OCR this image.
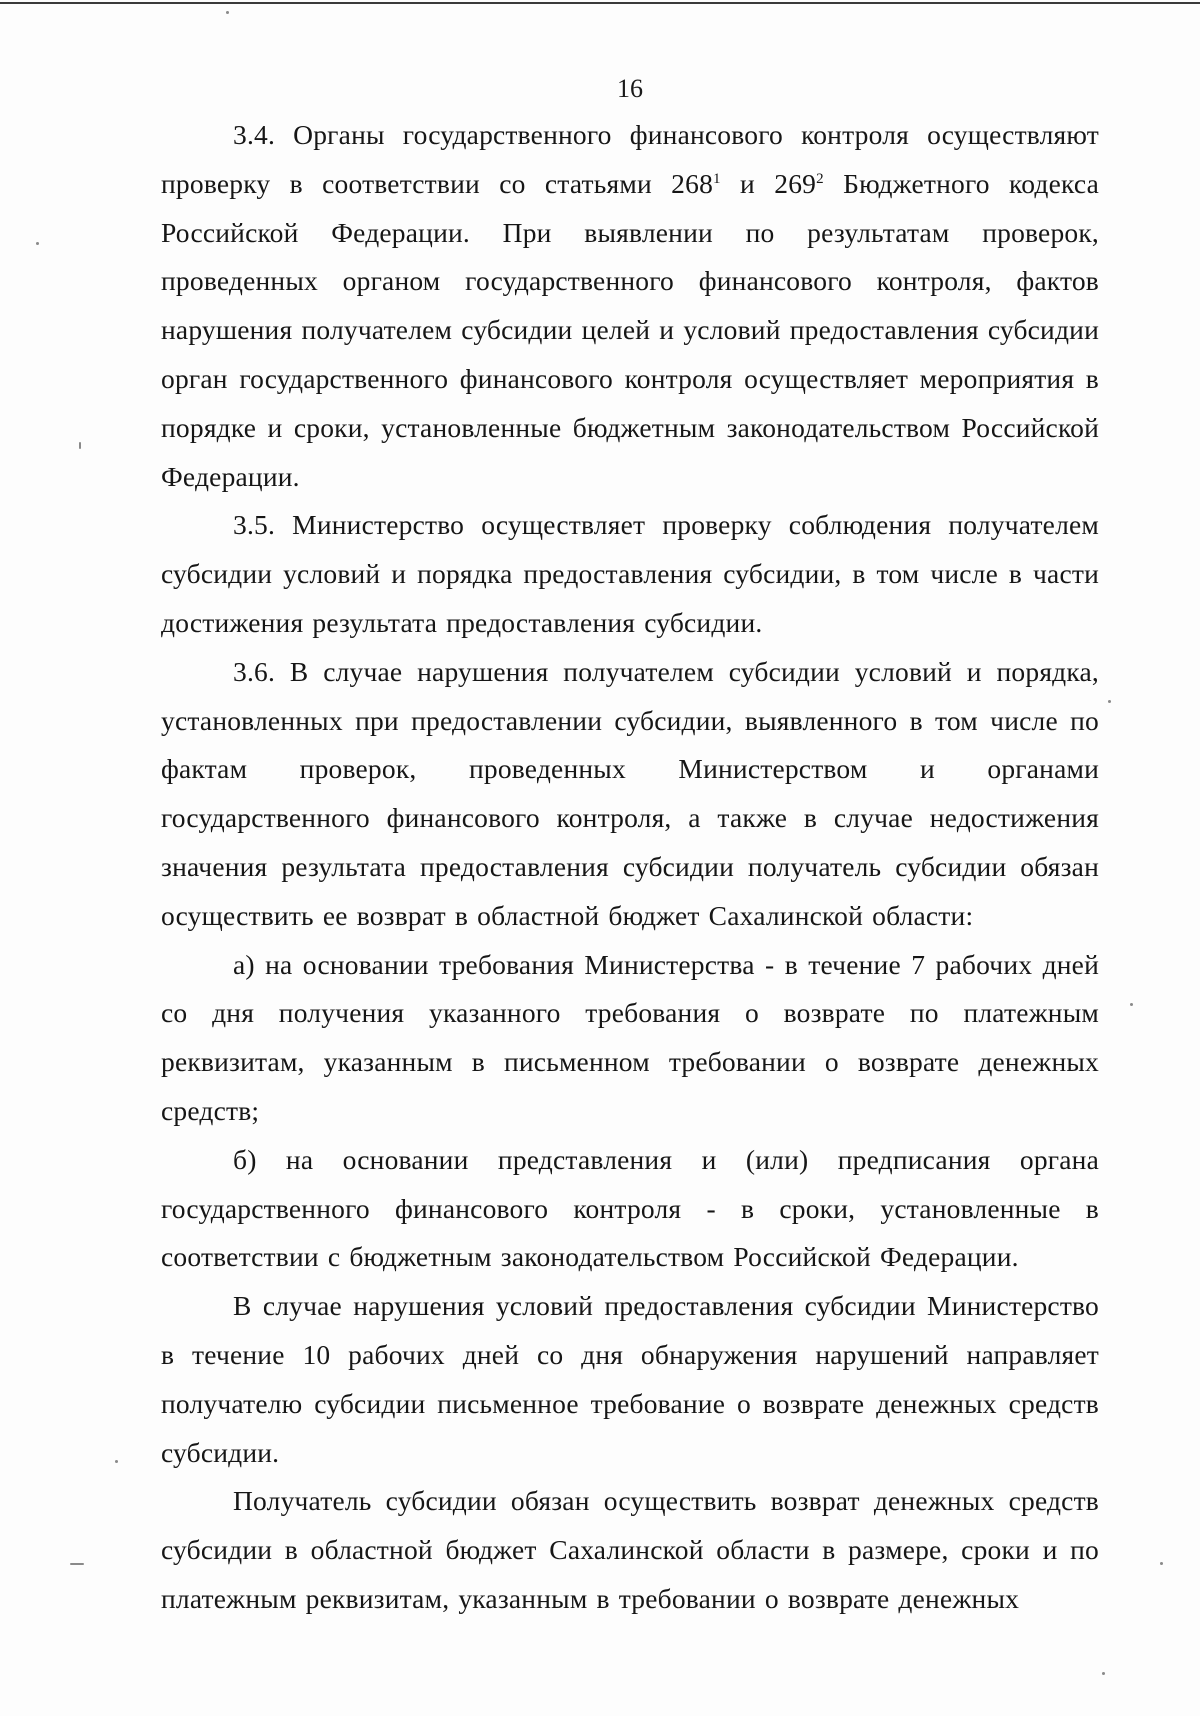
16

3.4. Органы государственного финансового контроля осуществляют проверку в соответствии со статьями $268^1$ и $269^2$ Бюджетного кодекса Российской Федерации. При выявлении по результатам проверок, проведенных органом государственного финансового контроля, фактов нарушения получателем субсидии целей и условий предоставления субсидии орган государственного финансового контроля осуществляет мероприятия в порядке и сроки, установленные бюджетным законодательством Российской Федерации.

3.5. Министерство осуществляет проверку соблюдения получателем субсидии условий и порядка предоставления субсидии, в том числе в части достижения результата предоставления субсидии.

3.6. В случае нарушения получателем субсидии условий и порядка, установленных при предоставлении субсидии, выявленного в том числе по фактам проверок, проведенных Министерством и органами государственного финансового контроля, а также в случае недостижения значения результата предоставления субсидии получатель субсидии обязан осуществить ее возврат в областной бюджет Сахалинской области:

а) на основании требования Министерства - в течение 7 рабочих дней со дня получения указанного требования о возврате по платежным реквизитам, указанным в письменном требовании о возврате денежных средств;

б) на основании представления и (или) предписания органа государственного финансового контроля - в сроки, установленные в соответствии с бюджетным законодательством Российской Федерации.

В случае нарушения условий предоставления субсидии Министерство в течение 10 рабочих дней со дня обнаружения нарушений направляет получателю субсидии письменное требование о возврате денежных средств субсидии.

Получатель субсидии обязан осуществить возврат денежных средств субсидии в областной бюджет Сахалинской области в размере, сроки и по платежным реквизитам, указанным в требовании о возврате денежных
